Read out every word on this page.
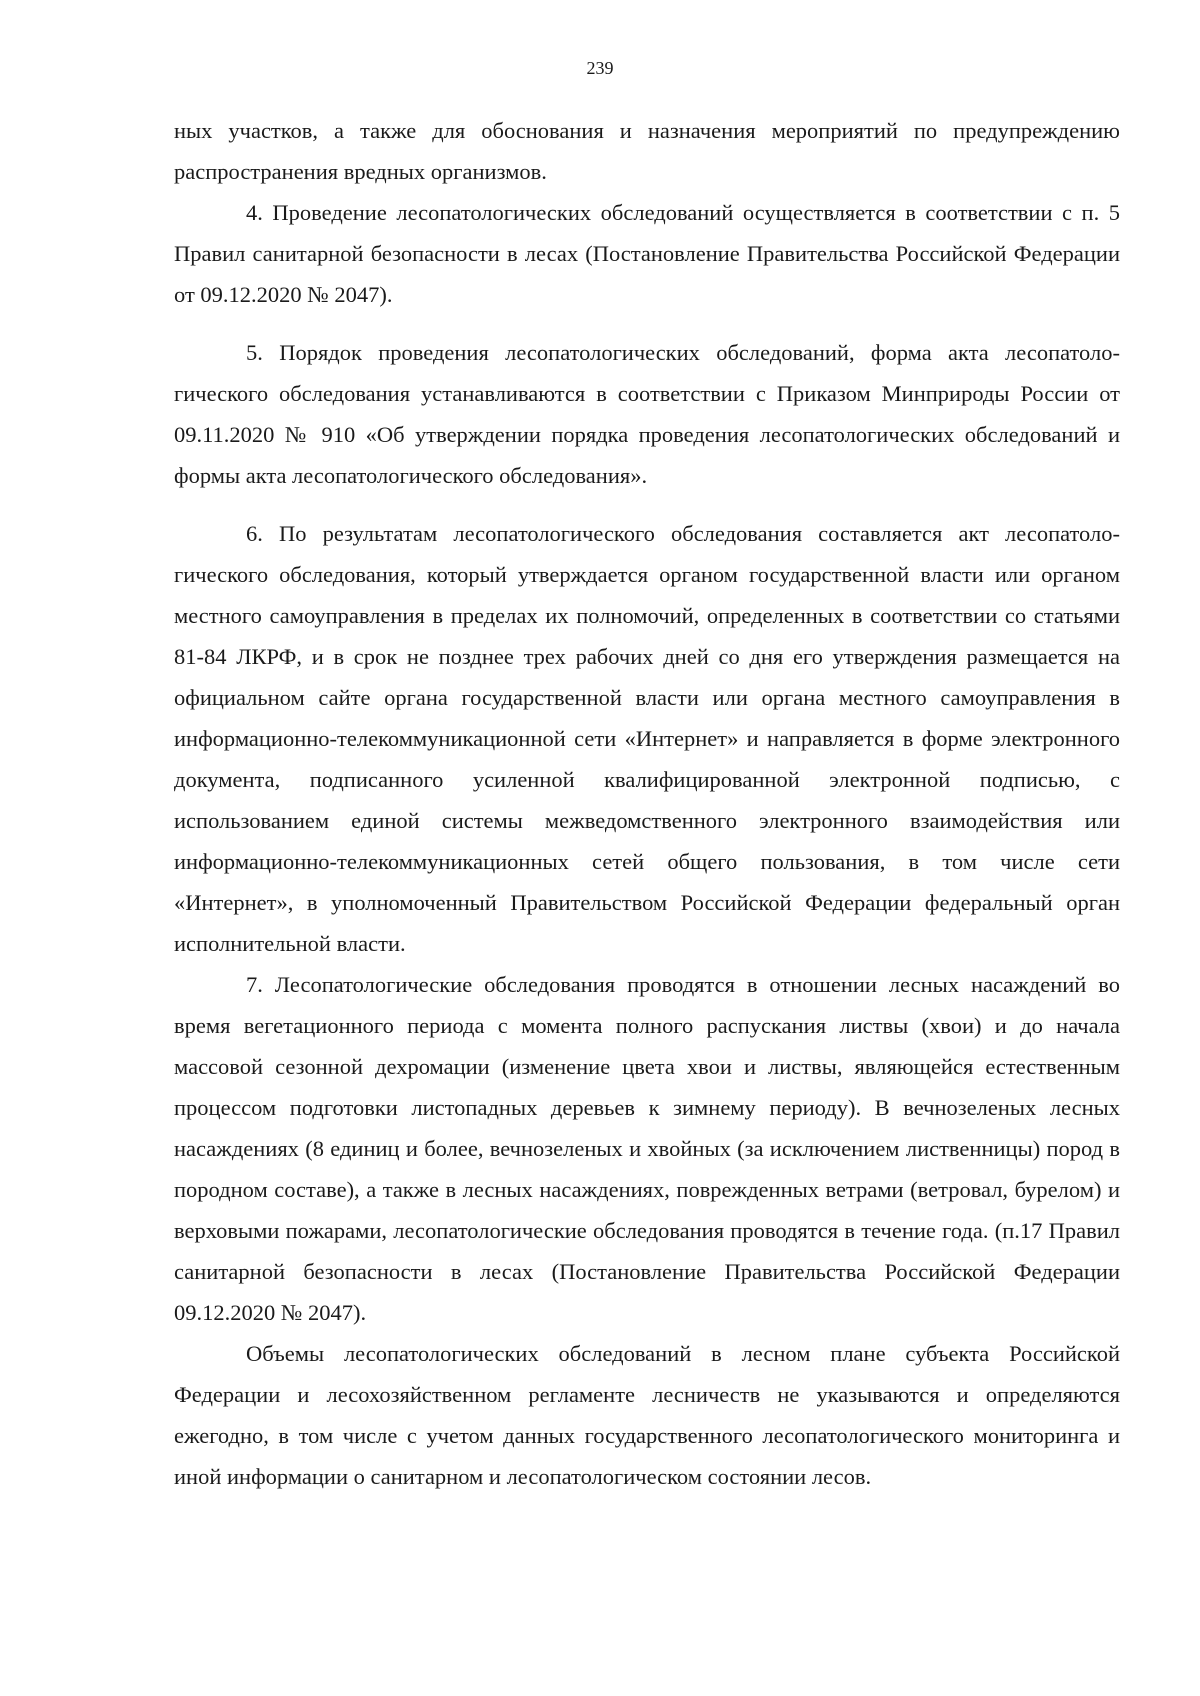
239

ных участков, а также для обоснования и назначения мероприятий по предупреждению распространения вредных организмов.

4. Проведение лесопатологических обследований осуществляется в соответствии с п. 5 Правил санитарной безопасности в лесах (Постановление Правительства Российской Федерации от 09.12.2020 № 2047).

5. Порядок проведения лесопатологических обследований, форма акта лесопатологического обследования устанавливаются в соответствии с Приказом Минприроды России от 09.11.2020 № 910 «Об утверждении порядка проведения лесопатологических обследований и формы акта лесопатологического обследования».

6. По результатам лесопатологического обследования составляется акт лесопатологического обследования, который утверждается органом государственной власти или органом местного самоуправления в пределах их полномочий, определенных в соответствии со статьями 81-84 ЛКРФ, и в срок не позднее трех рабочих дней со дня его утверждения размещается на официальном сайте органа государственной власти или органа местного самоуправления в информационно-телекоммуникационной сети «Интернет» и направляется в форме электронного документа, подписанного усиленной квалифицированной электронной подписью, с использованием единой системы межведомственного электронного взаимодействия или информационно-телекоммуникационных сетей общего пользования, в том числе сети «Интернет», в уполномоченный Правительством Российской Федерации федеральный орган исполнительной власти.

7. Лесопатологические обследования проводятся в отношении лесных насаждений во время вегетационного периода с момента полного распускания листвы (хвои) и до начала массовой сезонной дехромации (изменение цвета хвои и листвы, являющейся естественным процессом подготовки листопадных деревьев к зимнему периоду). В вечнозеленых лесных насаждениях (8 единиц и более, вечнозеленых и хвойных (за исключением лиственницы) пород в породном составе), а также в лесных насаждениях, поврежденных ветрами (ветровал, бурелом) и верховыми пожарами, лесопатологические обследования проводятся в течение года. (п.17 Правил санитарной безопасности в лесах (Постановление Правительства Российской Федерации 09.12.2020 № 2047).

Объемы лесопатологических обследований в лесном плане субъекта Российской Федерации и лесохозяйственном регламенте лесничеств не указываются и определяются ежегодно, в том числе с учетом данных государственного лесопатологического мониторинга и иной информации о санитарном и лесопатологическом состоянии лесов.
